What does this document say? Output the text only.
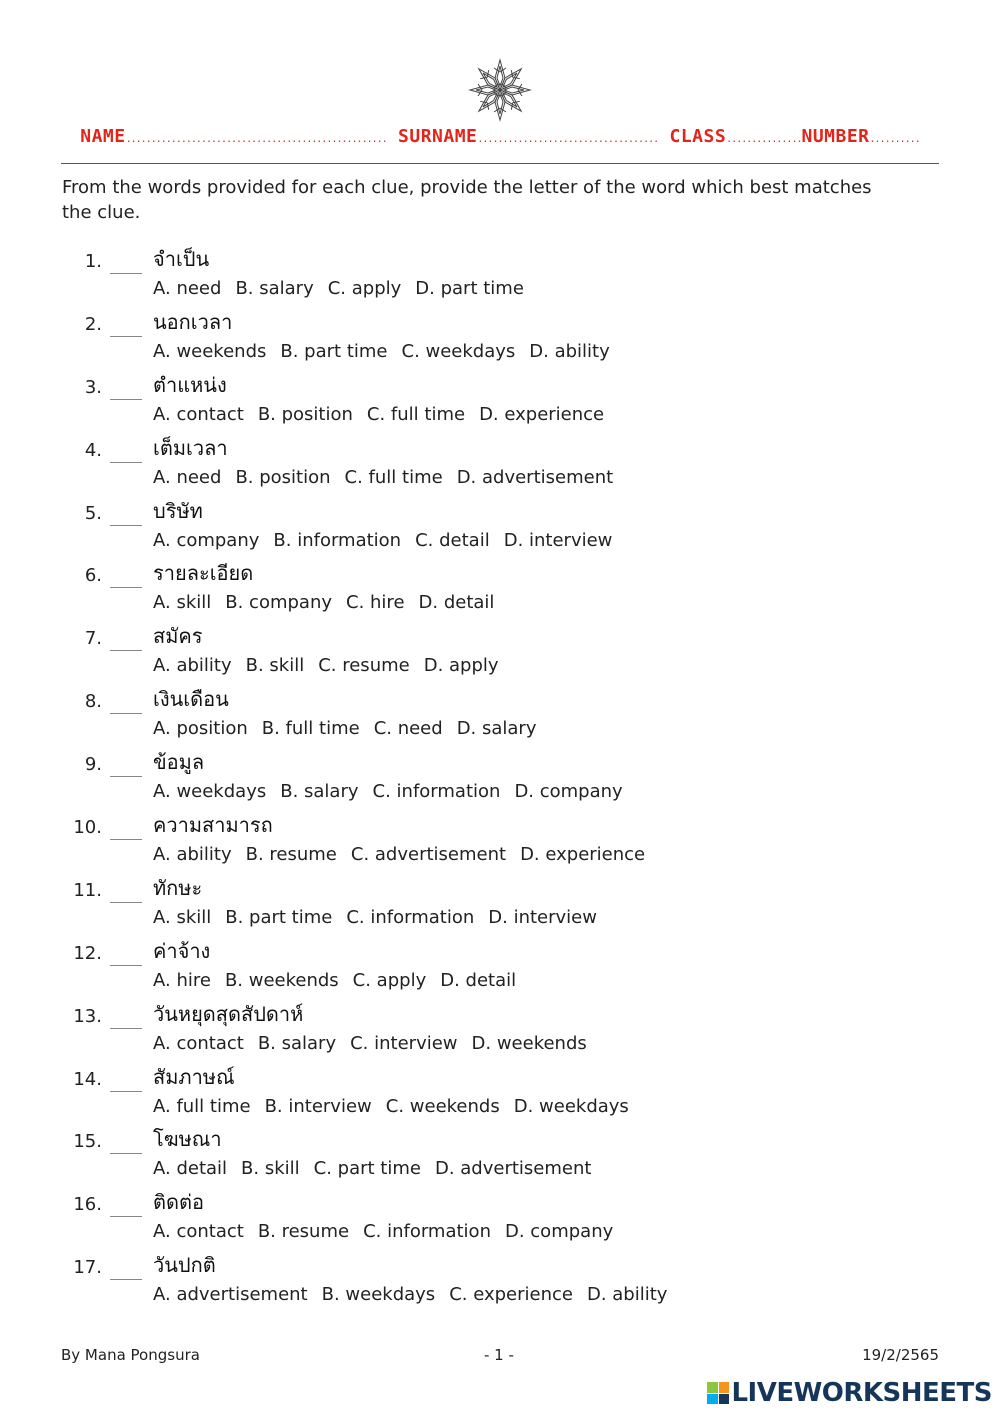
NAME.................................................... SURNAME.................................... CLASS...............NUMBER..........
From the words provided for each clue, provide the letter of the word which best matches the clue.
1.	จำเป็น
A. need B. salary C. apply D. part time
2.	นอกเวลา
A. weekends B. part time C. weekdays D. ability
3.	ตำแหน่ง
A. contact B. position C. full time D. experience
4.	เต็มเวลา
A. need B. position C. full time D. advertisement
5.	บริษัท
A. company B. information C. detail D. interview
6.	รายละเอียด
A. skill B. company C. hire D. detail
7.	สมัคร
A. ability B. skill C. resume D. apply
8.	เงินเดือน
A. position B. full time C. need D. salary
9.	ข้อมูล
A. weekdays B. salary C. information D. company
10.	ความสามารถ
A. ability B. resume C. advertisement D. experience
11.	ทักษะ
A. skill B. part time C. information D. interview
12.	ค่าจ้าง
A. hire B. weekends C. apply D. detail
13.	วันหยุดสุดสัปดาห์
A. contact B. salary C. interview D. weekends
14.	สัมภาษณ์
A. full time B. interview C. weekends D. weekdays
15.	โฆษณา
A. detail B. skill C. part time D. advertisement
16.	ติดต่อ
A. contact B. resume C. information D. company
17.	วันปกติ
A. advertisement B. weekdays C. experience D. ability
By Mana Pongsura	- 1 -	19/2/2565
LIVEWORKSHEETS
